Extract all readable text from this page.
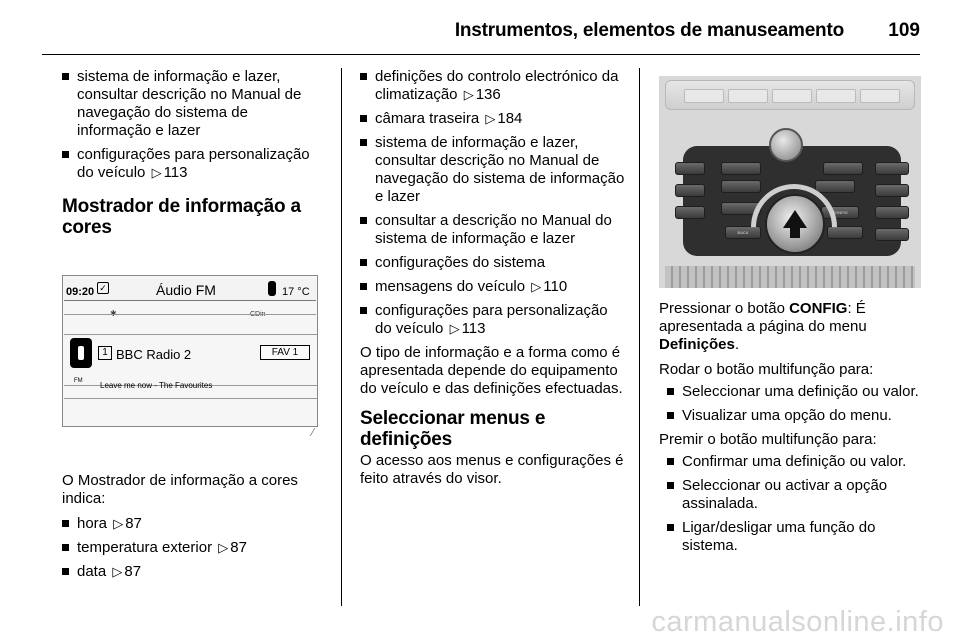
Instrumentos, elementos de manuseamento 109
sistema de informação e lazer, consultar descrição no Manual de navegação do sistema de informação e lazer
configurações para personalização do veículo ▷ 113
Mostrador de informação a cores
09:20 ✓	Áudio FM	17 °C
FM
1 BBC Radio 2	FAV 1
Leave me now - The Favourites

O Mostrador de informação a cores indica:

hora ▷ 87
temperatura exterior ▷ 87
data ▷ 87
definições do controlo electrónico da climatização ▷ 136
câmara traseira ▷ 184
sistema de informação e lazer, consultar descrição no Manual de navegação do sistema de informação e lazer
consultar a descrição no Manual do sistema de informação e lazer
configurações do sistema
mensagens do veículo ▷ 110
configurações para personalização do veículo ▷ 113

O tipo de informação e a forma como é apresentada depende do equipamento do veículo e das definições efectuadas.

Seleccionar menus e definições

O acesso aos menus e configurações é feito através do visor.

CONFIG
BACK

Pressionar o botão CONFIG: É apresentada a página do menu Definições.

Rodar o botão multifunção para:

Seleccionar uma definição ou valor.
Visualizar uma opção do menu.

Premir o botão multifunção para:

Confirmar uma definição ou valor.
Seleccionar ou activar a opção assinalada.
Ligar/desligar uma função do sistema.
carmanualsonline.info
